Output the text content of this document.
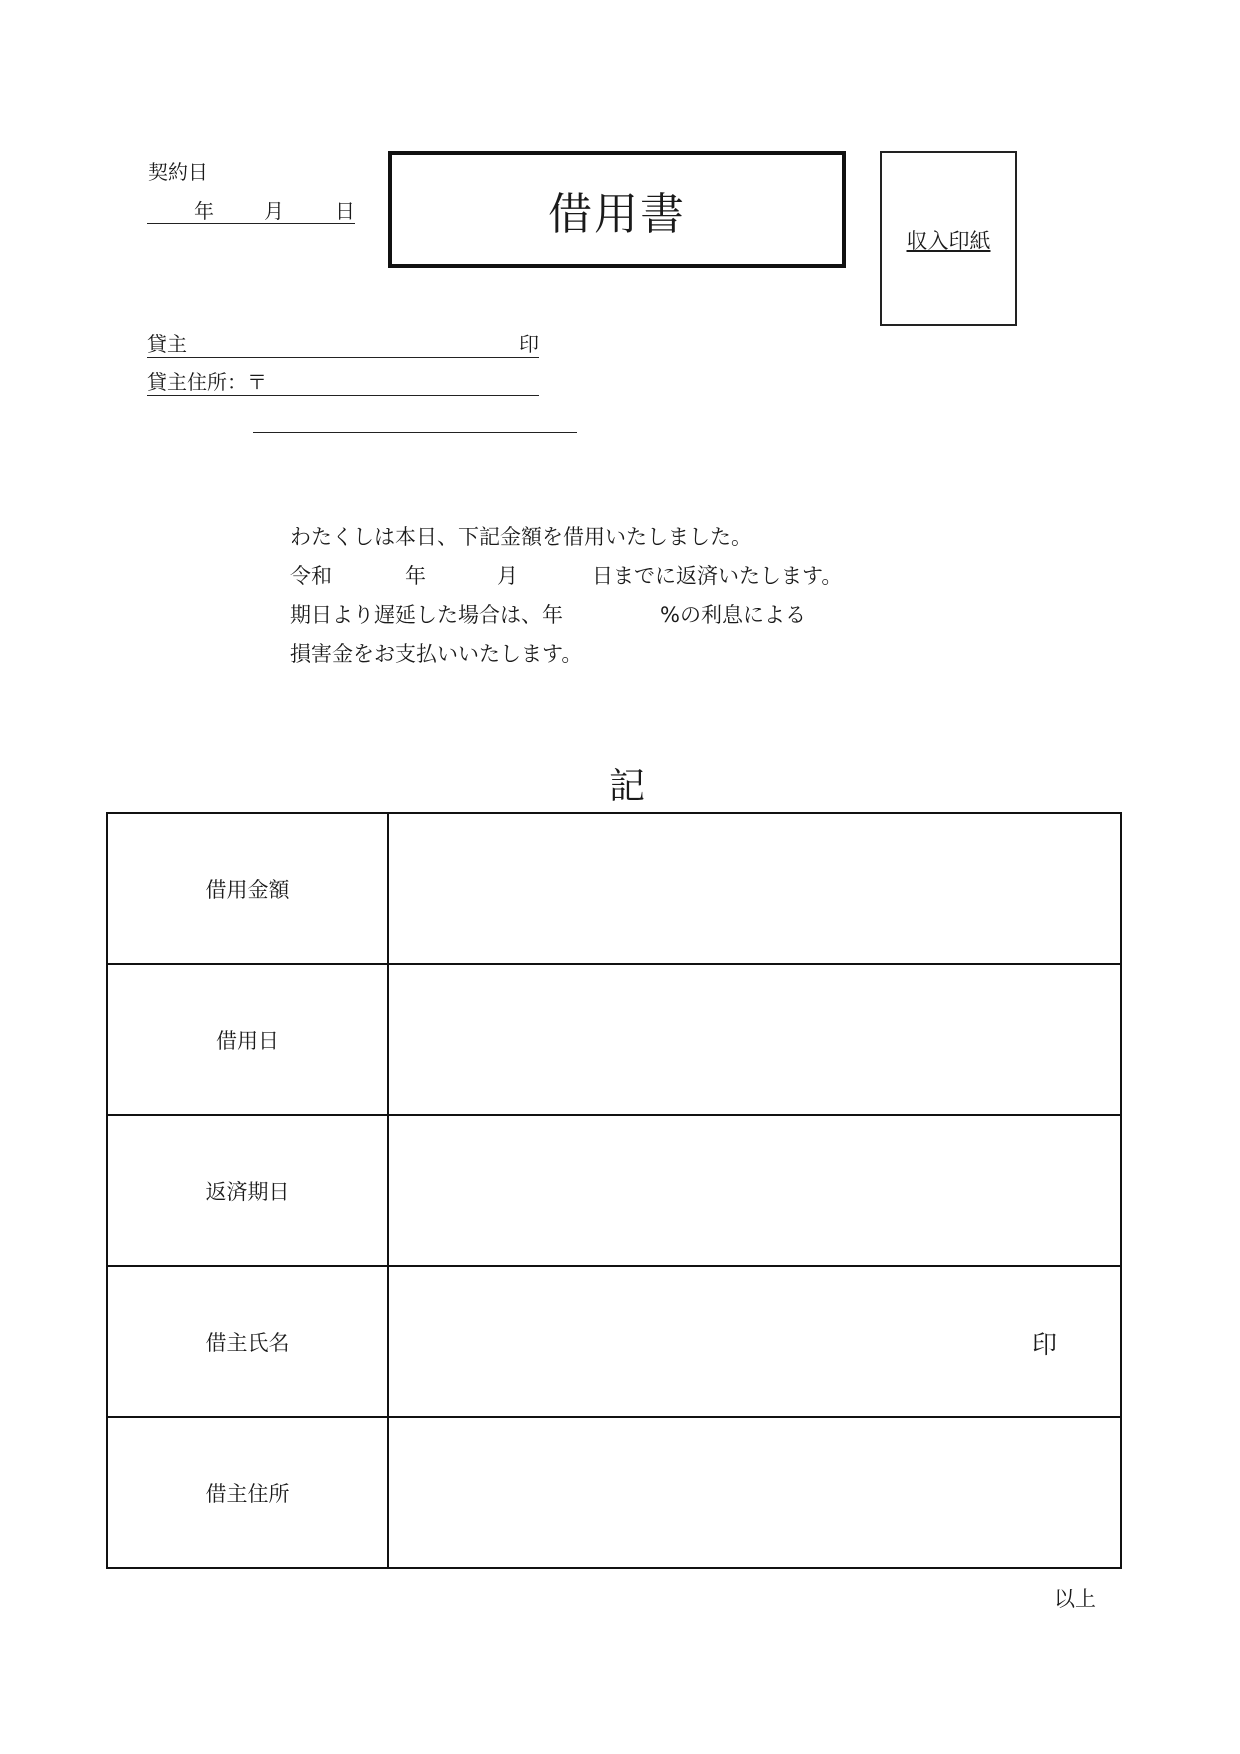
契約日
年	月	日	借用書
収入印紙
貸主	印
貸主住所：〒
わたくしは本日、下記金額を借用いたしました。
令和	年	月	日までに返済いたします。
期日より遅延した場合は、年	%の利息による
損害金をお支払いいたします。
記
借用金額	
借用日	
返済期日	
借主氏名	印

借主住所	
以上
